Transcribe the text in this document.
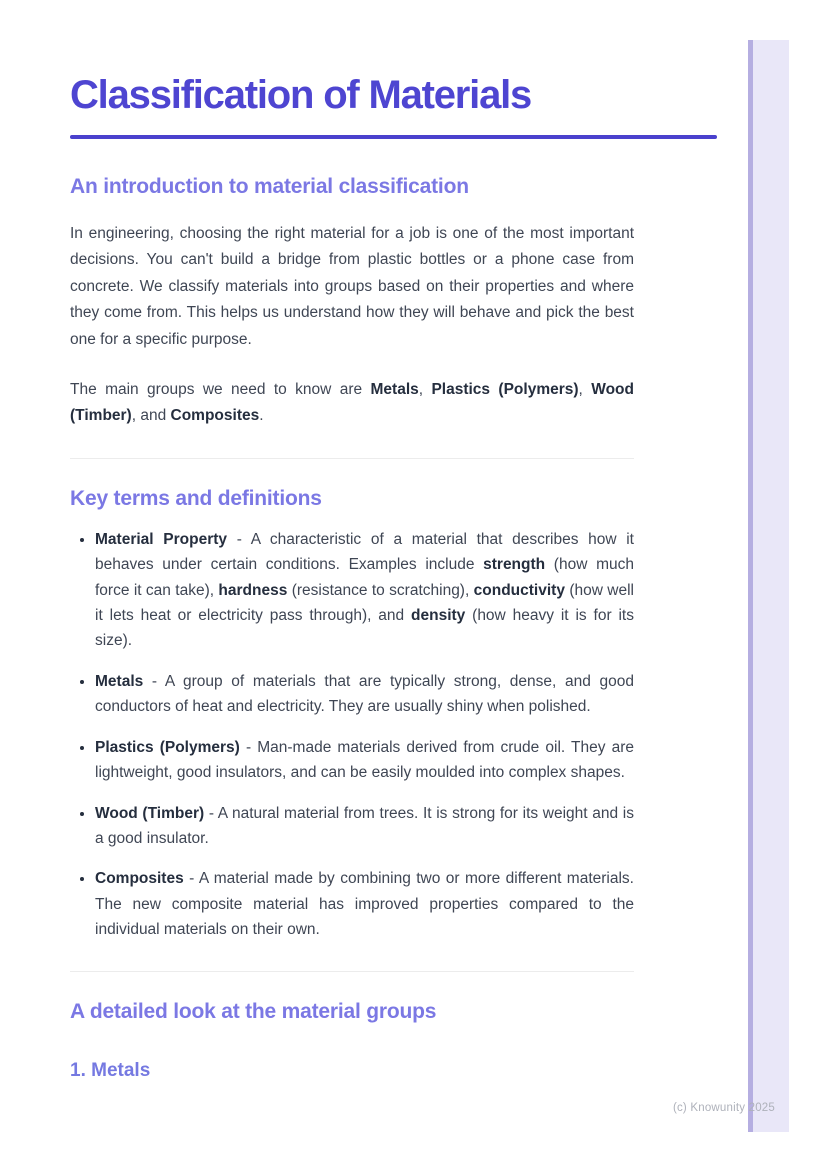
(c) Knowunity 2025
Classification of Materials
An introduction to material classification

In engineering, choosing the right material for a job is one of the most important decisions. You can't build a bridge from plastic bottles or a phone case from concrete. We classify materials into groups based on their properties and where they come from. This helps us understand how they will behave and pick the best one for a specific purpose.

The main groups we need to know are Metals, Plastics (Polymers), Wood (Timber), and Composites.

Key terms and definitions
• Material Property - A characteristic of a material that describes how it behaves under certain conditions. Examples include strength (how much force it can take), hardness (resistance to scratching), conductivity (how well it lets heat or electricity pass through), and density (how heavy it is for its size).
• Metals - A group of materials that are typically strong, dense, and good conductors of heat and electricity. They are usually shiny when polished.
• Plastics (Polymers) - Man-made materials derived from crude oil. They are lightweight, good insulators, and can be easily moulded into complex shapes.
• Wood (Timber) - A natural material from trees. It is strong for its weight and is a good insulator.
• Composites - A material made by combining two or more different materials. The new composite material has improved properties compared to the individual materials on their own.
A detailed look at the material groups
1. Metals
